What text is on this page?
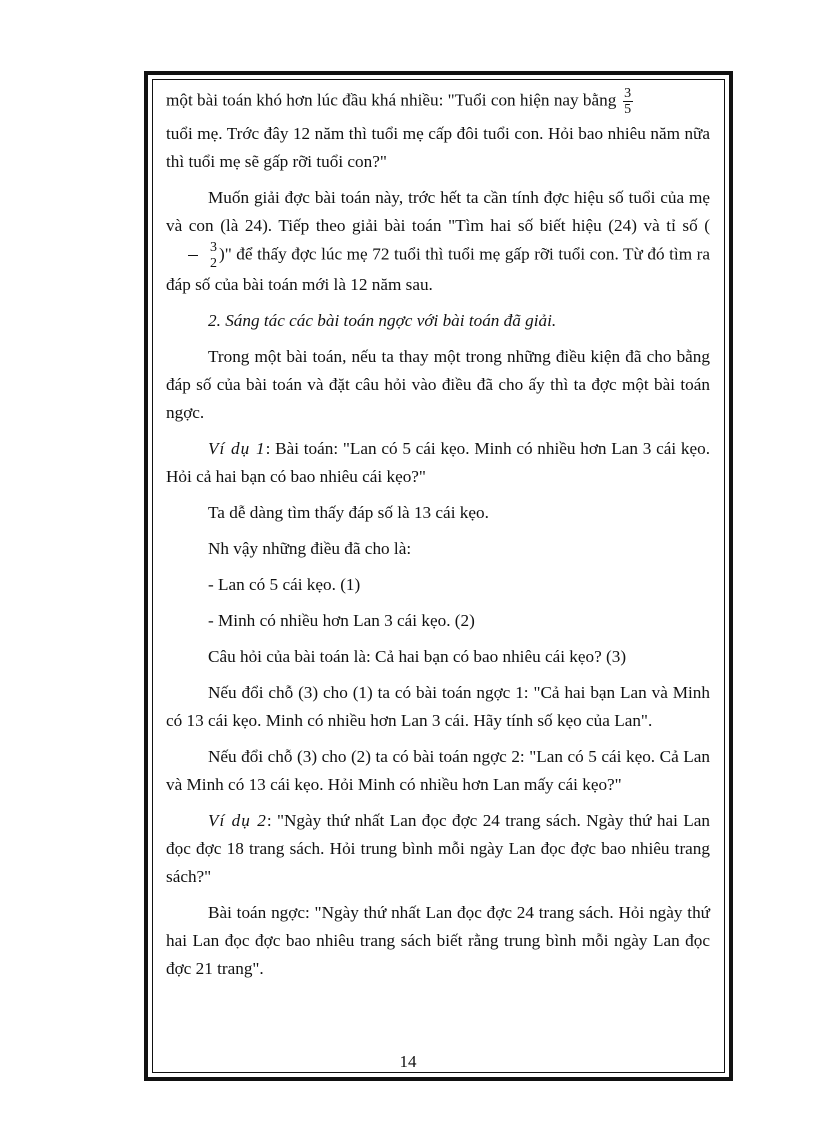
một bài toán khó hơn lúc đầu khá nhiều: "Tuổi con hiện nay bằng $\frac{3}{5}$

tuổi mẹ. Trớc đây 12 năm thì tuổi mẹ cấp đôi tuổi con. Hỏi bao nhiêu năm nữa thì tuổi mẹ sẽ gấp rỡi tuổi con?"

Muốn giải đợc bài toán này, trớc hết ta cần tính đợc hiệu số tuổi của mẹ và con (là 24). Tiếp theo giải bài toán "Tìm hai số biết hiệu (24) và tỉ số (
$\frac{3}{2}$ )" để thấy đợc lúc mẹ 72 tuổi thì tuổi mẹ gấp rỡi tuổi con. Từ đó tìm ra đáp số của bài toán mới là 12 năm sau.

2. Sáng tác các bài toán ngợc với bài toán đã giải.

Trong một bài toán, nếu ta thay một trong những điều kiện đã cho bằng đáp số của bài toán và đặt câu hỏi vào điều đã cho ấy thì ta đợc một bài toán ngợc.

Ví dụ 1: Bài toán: "Lan có 5 cái kẹo. Minh có nhiều hơn Lan 3 cái kẹo. Hỏi cả hai bạn có bao nhiêu cái kẹo?"

Ta dễ dàng tìm thấy đáp số là 13 cái kẹo.

Nh vậy những điều đã cho là:

- Lan có 5 cái kẹo. (1)

- Minh có nhiều hơn Lan 3 cái kẹo. (2)

Câu hỏi của bài toán là: Cả hai bạn có bao nhiêu cái kẹo? (3)

Nếu đổi chỗ (3) cho (1) ta có bài toán ngợc 1: "Cả hai bạn Lan và Minh có 13 cái kẹo. Minh có nhiều hơn Lan 3 cái. Hãy tính số kẹo của Lan".

Nếu đổi chỗ (3) cho (2) ta có bài toán ngợc 2: "Lan có 5 cái kẹo. Cả Lan và Minh có 13 cái kẹo. Hỏi Minh có nhiều hơn Lan mấy cái kẹo?"

Ví dụ 2: "Ngày thứ nhất Lan đọc đợc 24 trang sách. Ngày thứ hai Lan đọc đợc 18 trang sách. Hỏi trung bình mỗi ngày Lan đọc đợc bao nhiêu trang sách?"

Bài toán ngợc: "Ngày thứ nhất Lan đọc đợc 24 trang sách. Hỏi ngày thứ hai Lan đọc đợc bao nhiêu trang sách biết rằng trung bình mỗi ngày Lan đọc đợc 21 trang".

14
